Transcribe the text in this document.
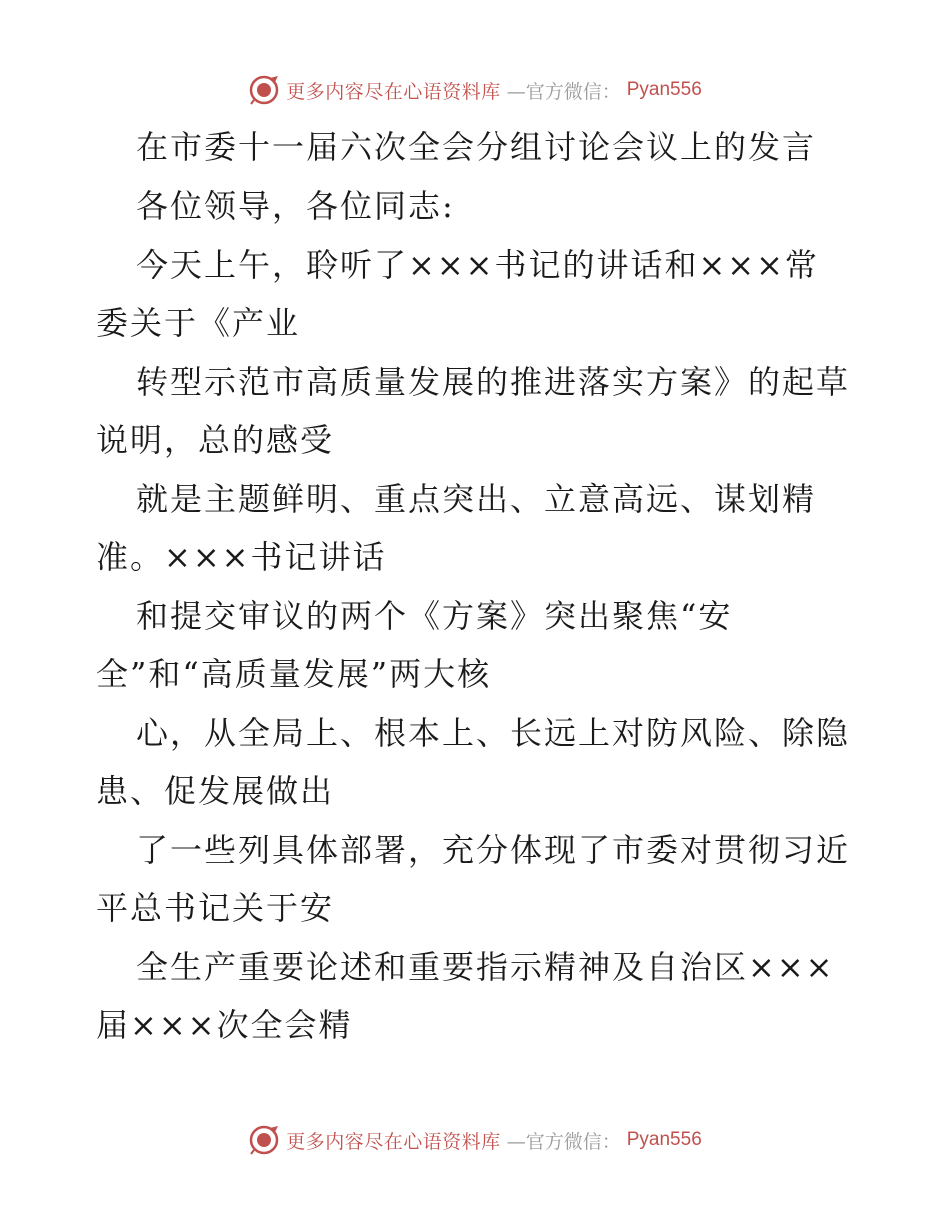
更多内容尽在心语资料库 —官方微信： Pyan556
在市委十一届六次全会分组讨论会议上的发言
各位领导，各位同志:
今天上午，聆听了×××书记的讲话和×××常
委关于《产业
转型示范市高质量发展的推进落实方案》的起草
说明，总的感受
就是主题鲜明、重点突出、立意高远、谋划精
准。×××书记讲话
和提交审议的两个《方案》突出聚焦“安
全”和“高质量发展”两大核
心，从全局上、根本上、长远上对防风险、除隐
患、促发展做出
了一些列具体部署，充分体现了市委对贯彻习近
平总书记关于安
全生产重要论述和重要指示精神及自治区×××
届×××次全会精
更多内容尽在心语资料库 —官方微信： Pyan556
